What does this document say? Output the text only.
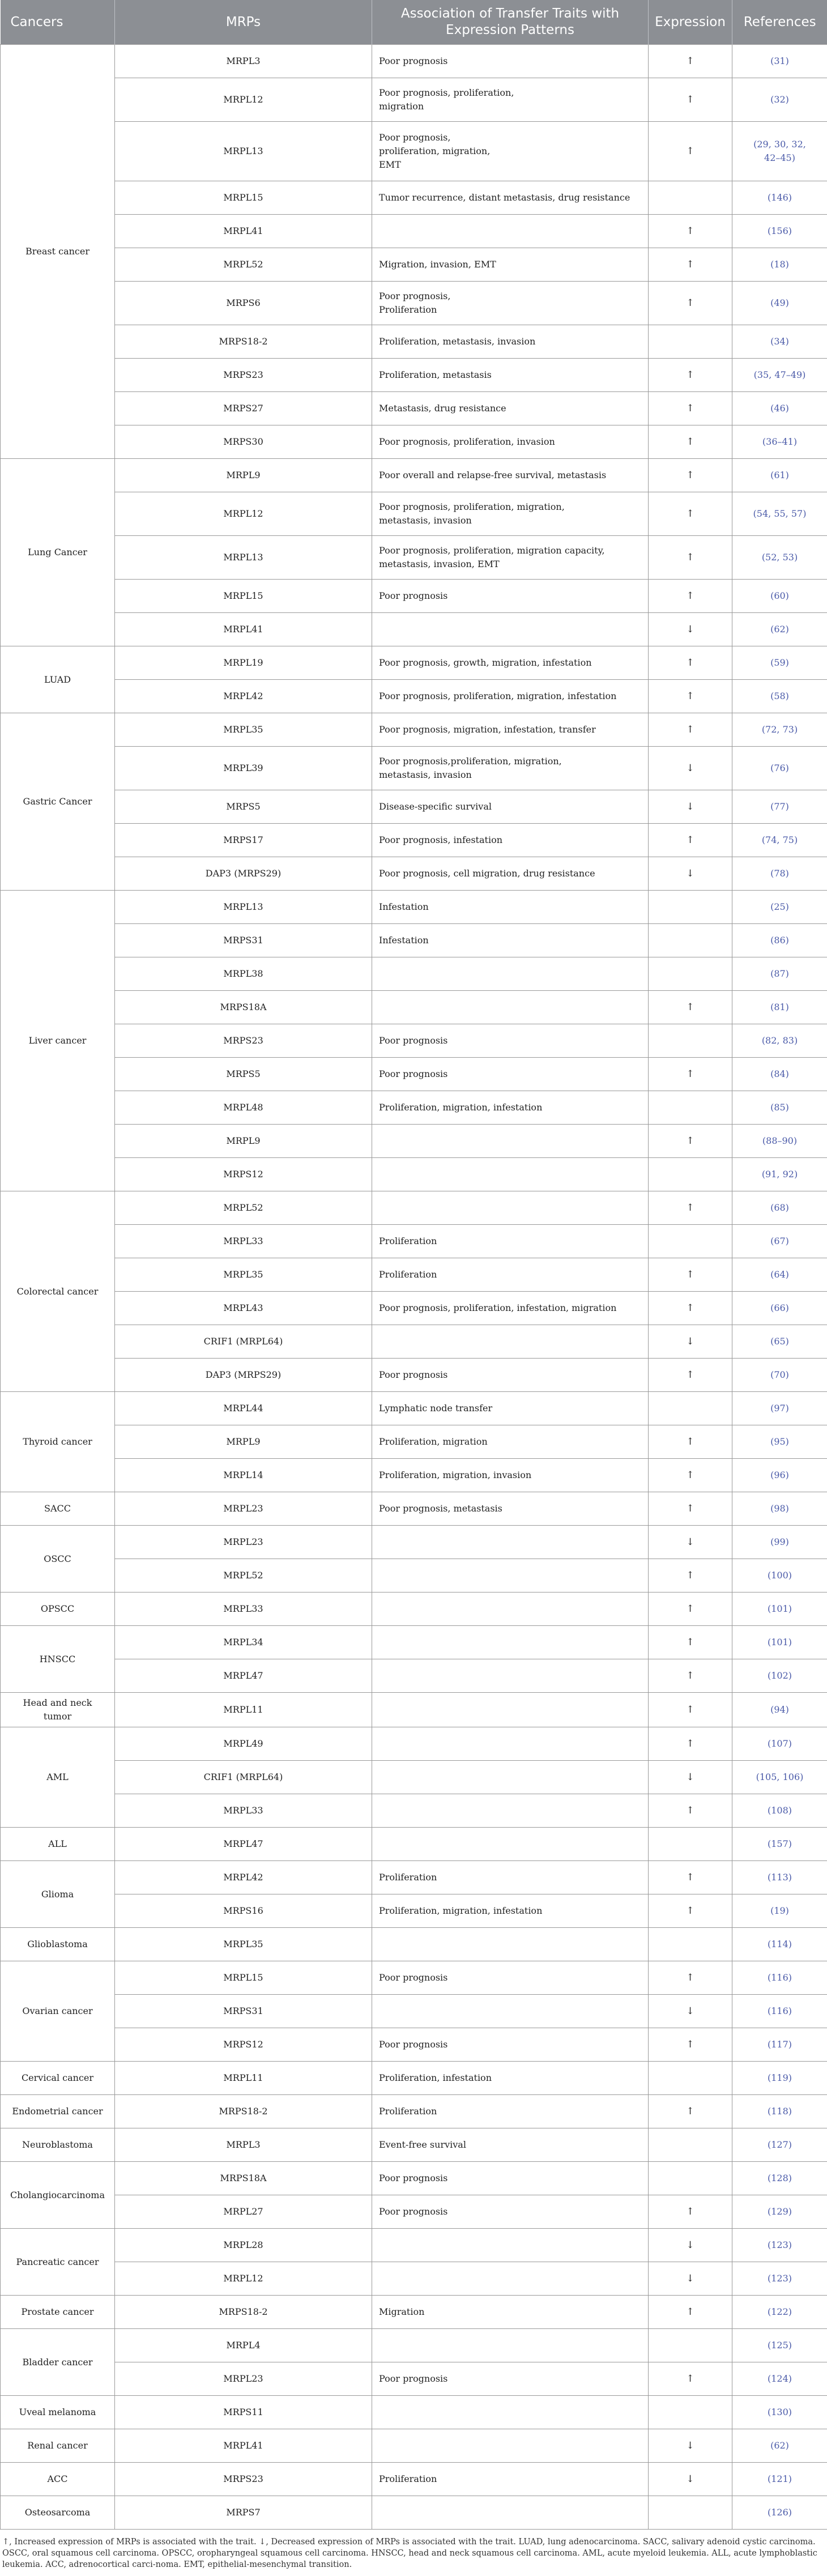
Cancers	MRPs	Association of Transfer Traits with
Expression Patterns	Expression	References
Breast cancer	MRPL3	Poor prognosis	↑	(31)
	MRPL12	Poor prognosis, proliferation,
migration	↑	(32)
	MRPL13	Poor prognosis,
proliferation, migration,
EMT	↑	(29, 30, 32,
42–45)
	MRPL15	Tumor recurrence, distant metastasis, drug resistance		(146)
	MRPL41		↑	(156)
	MRPL52	Migration, invasion, EMT	↑	(18)
	MRPS6	Poor prognosis,
Proliferation	↑	(49)
	MRPS18-2	Proliferation, metastasis, invasion		(34)
	MRPS23	Proliferation, metastasis	↑	(35, 47–49)
	MRPS27	Metastasis, drug resistance	↑	(46)
	MRPS30	Poor prognosis, proliferation, invasion	↑	(36–41)
Lung Cancer	MRPL9	Poor overall and relapse-free survival, metastasis	↑	(61)
	MRPL12	Poor prognosis, proliferation, migration,
metastasis, invasion	↑	(54, 55, 57)
	MRPL13	Poor prognosis, proliferation, migration capacity,
metastasis, invasion, EMT	↑	(52, 53)
	MRPL15	Poor prognosis	↑	(60)
	MRPL41		↓	(62)
LUAD	MRPL19	Poor prognosis, growth, migration, infestation	↑	(59)
	MRPL42	Poor prognosis, proliferation, migration, infestation	↑	(58)
Gastric Cancer	MRPL35	Poor prognosis, migration, infestation, transfer	↑	(72, 73)
	MRPL39	Poor prognosis,proliferation, migration,
metastasis, invasion	↓	(76)
	MRPS5	Disease-specific survival	↓	(77)
	MRPS17	Poor prognosis, infestation	↑	(74, 75)
	DAP3 (MRPS29)	Poor prognosis, cell migration, drug resistance	↓	(78)
Liver cancer	MRPL13	Infestation		(25)
	MRPS31	Infestation		(86)
	MRPL38			(87)
	MRPS18A		↑	(81)
	MRPS23	Poor prognosis		(82, 83)
	MRPS5	Poor prognosis	↑	(84)
	MRPL48	Proliferation, migration, infestation		(85)
	MRPL9		↑	(88–90)
	MRPS12			(91, 92)
Colorectal cancer	MRPL52		↑	(68)
	MRPL33	Proliferation		(67)
	MRPL35	Proliferation	↑	(64)
	MRPL43	Poor prognosis, proliferation, infestation, migration	↑	(66)
	CRIF1 (MRPL64)		↓	(65)
	DAP3 (MRPS29)	Poor prognosis	↑	(70)
Thyroid cancer	MRPL44	Lymphatic node transfer		(97)
	MRPL9	Proliferation, migration	↑	(95)
	MRPL14	Proliferation, migration, invasion	↑	(96)
SACC	MRPL23	Poor prognosis, metastasis	↑	(98)
OSCC	MRPL23		↓	(99)
	MRPL52		↑	(100)
OPSCC	MRPL33		↑	(101)
HNSCC	MRPL34		↑	(101)
	MRPL47		↑	(102)
Head and neck
tumor	MRPL11		↑	(94)
AML	MRPL49		↑	(107)
	CRIF1 (MRPL64)		↓	(105, 106)
	MRPL33		↑	(108)
ALL	MRPL47			(157)
Glioma	MRPL42	Proliferation	↑	(113)
	MRPS16	Proliferation, migration, infestation	↑	(19)
Glioblastoma	MRPL35			(114)
Ovarian cancer	MRPL15	Poor prognosis	↑	(116)
	MRPS31		↓	(116)
	MRPS12	Poor prognosis	↑	(117)
Cervical cancer	MRPL11	Proliferation, infestation		(119)
Endometrial cancer	MRPS18-2	Proliferation	↑	(118)
Neuroblastoma	MRPL3	Event-free survival		(127)
Cholangiocarcinoma	MRPS18A	Poor prognosis		(128)
	MRPL27	Poor prognosis	↑	(129)
Pancreatic cancer	MRPL28		↓	(123)
	MRPL12		↓	(123)
Prostate cancer	MRPS18-2	Migration	↑	(122)
Bladder cancer	MRPL4			(125)
	MRPL23	Poor prognosis	↑	(124)
Uveal melanoma	MRPS11			(130)
Renal cancer	MRPL41		↓	(62)
ACC	MRPS23	Proliferation	↓	(121)
Osteosarcoma	MRPS7			(126)
↑, Increased expression of MRPs is associated with the trait. ↓, Decreased expression of MRPs is associated with the trait. LUAD, lung adenocarcinoma. SACC, salivary adenoid cystic carcinoma. OSCC, oral squamous cell carcinoma. OPSCC, oropharyngeal squamous cell carcinoma. HNSCC, head and neck squamous cell carcinoma. AML, acute myeloid leukemia. ALL, acute lymphoblastic leukemia. ACC, adrenocortical carci-noma. EMT, epithelial-mesenchymal transition.
